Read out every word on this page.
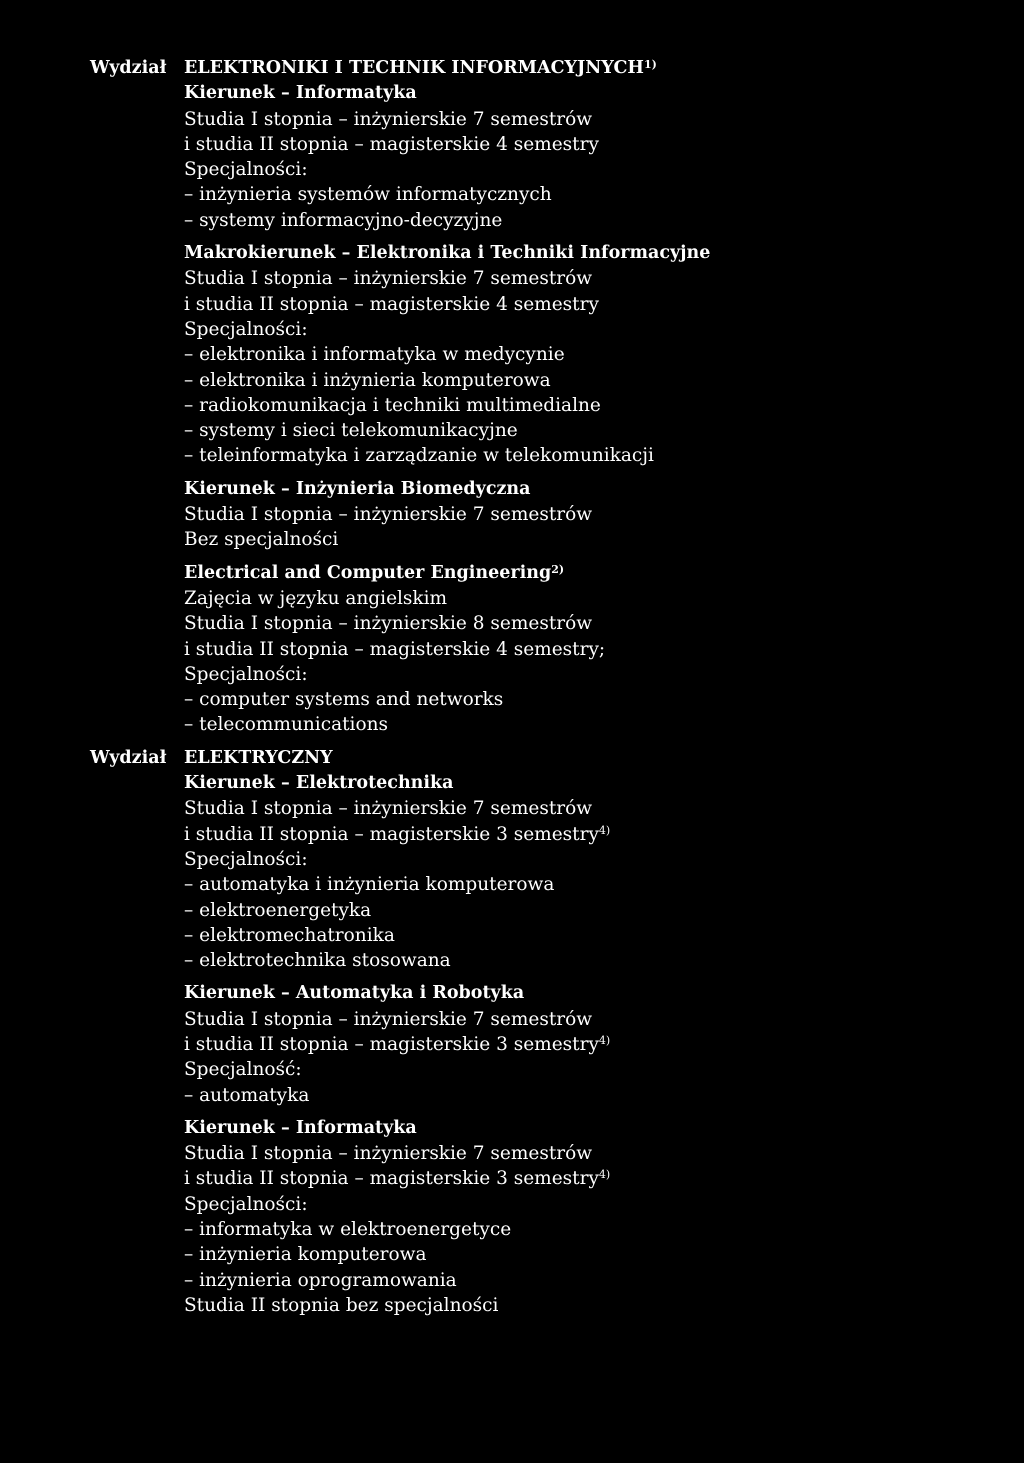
Wydział ELEKTRONIKI I TECHNIK INFORMACYJNYCH$^{1)}$
Kierunek – Informatyka
Studia I stopnia – inżynierskie 7 semestrów
i studia II stopnia – magisterskie 4 semestry
Specjalności:
– inżynieria systemów informatycznych
– systemy informacyjno-decyzyjne
Makrokierunek – Elektronika i Techniki Informacyjne
Studia I stopnia – inżynierskie 7 semestrów
i studia II stopnia – magisterskie 4 semestry
Specjalności:
– elektronika i informatyka w medycynie
– elektronika i inżynieria komputerowa
– radiokomunikacja i techniki multimedialne
– systemy i sieci telekomunikacyjne
– teleinformatyka i zarządzanie w telekomunikacji
Kierunek – Inżynieria Biomedyczna
Studia I stopnia – inżynierskie 7 semestrów
Bez specjalności
Electrical and Computer Engineering$^{2)}$
Zajęcia w języku angielskim
Studia I stopnia – inżynierskie 8 semestrów
i studia II stopnia – magisterskie 4 semestry;
Specjalności:
– computer systems and networks
– telecommunications
Wydział ELEKTRYCZNY
Kierunek – Elektrotechnika
Studia I stopnia – inżynierskie 7 semestrów
i studia II stopnia – magisterskie 3 semestry$^{4)}$
Specjalności:
– automatyka i inżynieria komputerowa
– elektroenergetyka
– elektromechatronika
– elektrotechnika stosowana
Kierunek – Automatyka i Robotyka
Studia I stopnia – inżynierskie 7 semestrów
i studia II stopnia – magisterskie 3 semestry$^{4)}$
Specjalność:
– automatyka
Kierunek – Informatyka
Studia I stopnia – inżynierskie 7 semestrów
i studia II stopnia – magisterskie 3 semestry$^{4)}$
Specjalności:
– informatyka w elektroenergetyce
– inżynieria komputerowa
– inżynieria oprogramowania
Studia II stopnia bez specjalności
